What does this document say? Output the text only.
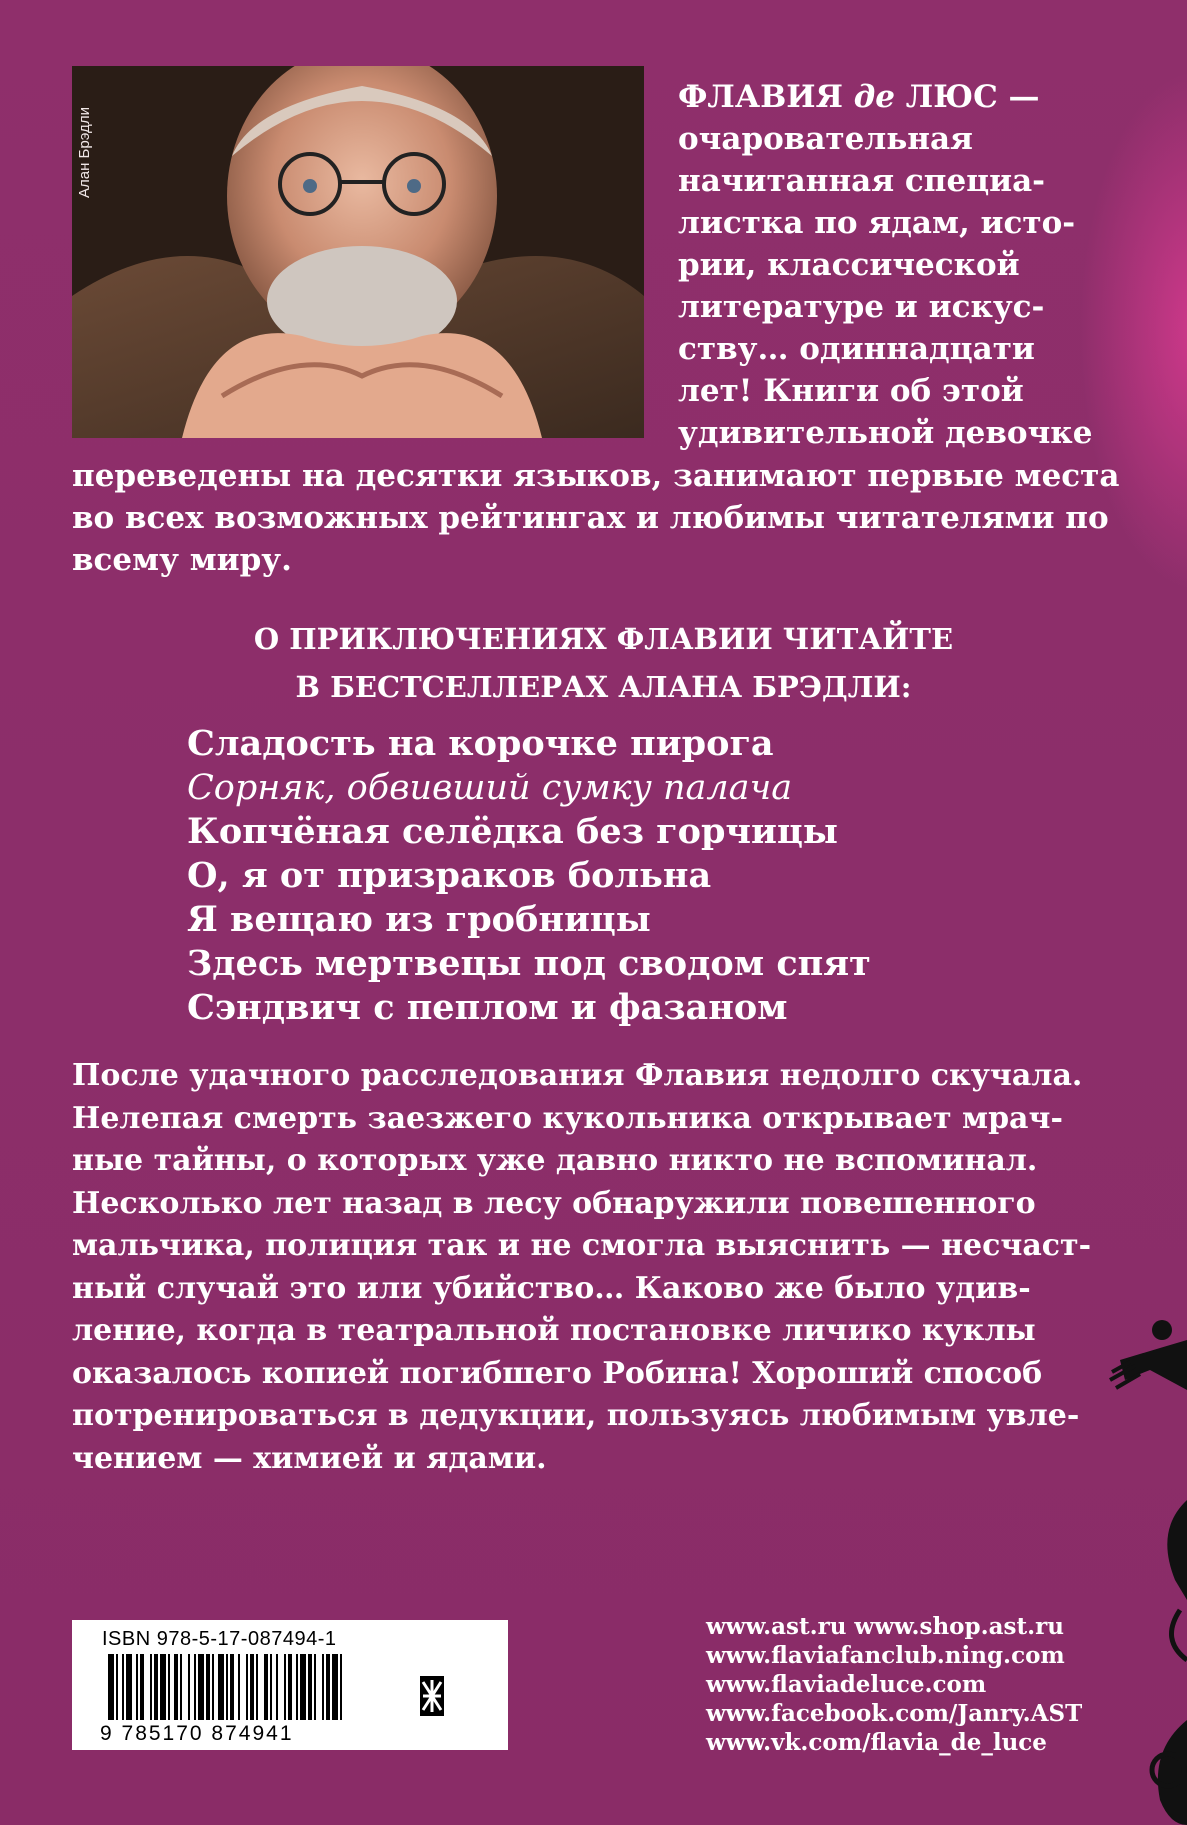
Алан Брэдли
ФЛАВИЯ де ЛЮС —
очаровательная
начитанная специа-
листка по ядам, исто-
рии, классической
литературе и искус-
ству… одиннадцати
лет! Книги об этой
удивительной девочке
переведены на десятки языков, занимают первые места
во всех возможных рейтингах и любимы читателями по
всему миру.
О ПРИКЛЮЧЕНИЯХ ФЛАВИИ ЧИТАЙТЕ
В БЕСТСЕЛЛЕРАХ АЛАНА БРЭДЛИ:
Сладость на корочке пирога
Сорняк, обвивший сумку палача
Копчёная селёдка без горчицы
О, я от призраков больна
Я вещаю из гробницы
Здесь мертвецы под сводом спят
Сэндвич с пеплом и фазаном
После удачного расследования Флавия недолго скучала.
Нелепая смерть заезжего кукольника открывает мрач-
ные тайны, о которых уже давно никто не вспоминал.
Несколько лет назад в лесу обнаружили повешенного
мальчика, полиция так и не смогла выяснить — несчаст-
ный случай это или убийство… Каково же было удив-
ление, когда в театральной постановке личико куклы
оказалось копией погибшего Робина! Хороший способ
потренироваться в дедукции, пользуясь любимым увле-
чением — химией и ядами.
ISBN 978-5-17-087494-1
9 785170 874941
www.ast.ru www.shop.ast.ru
www.flaviafanclub.ning.com
www.flaviadeluce.com
www.facebook.com/Janry.AST
www.vk.com/flavia_de_luce
